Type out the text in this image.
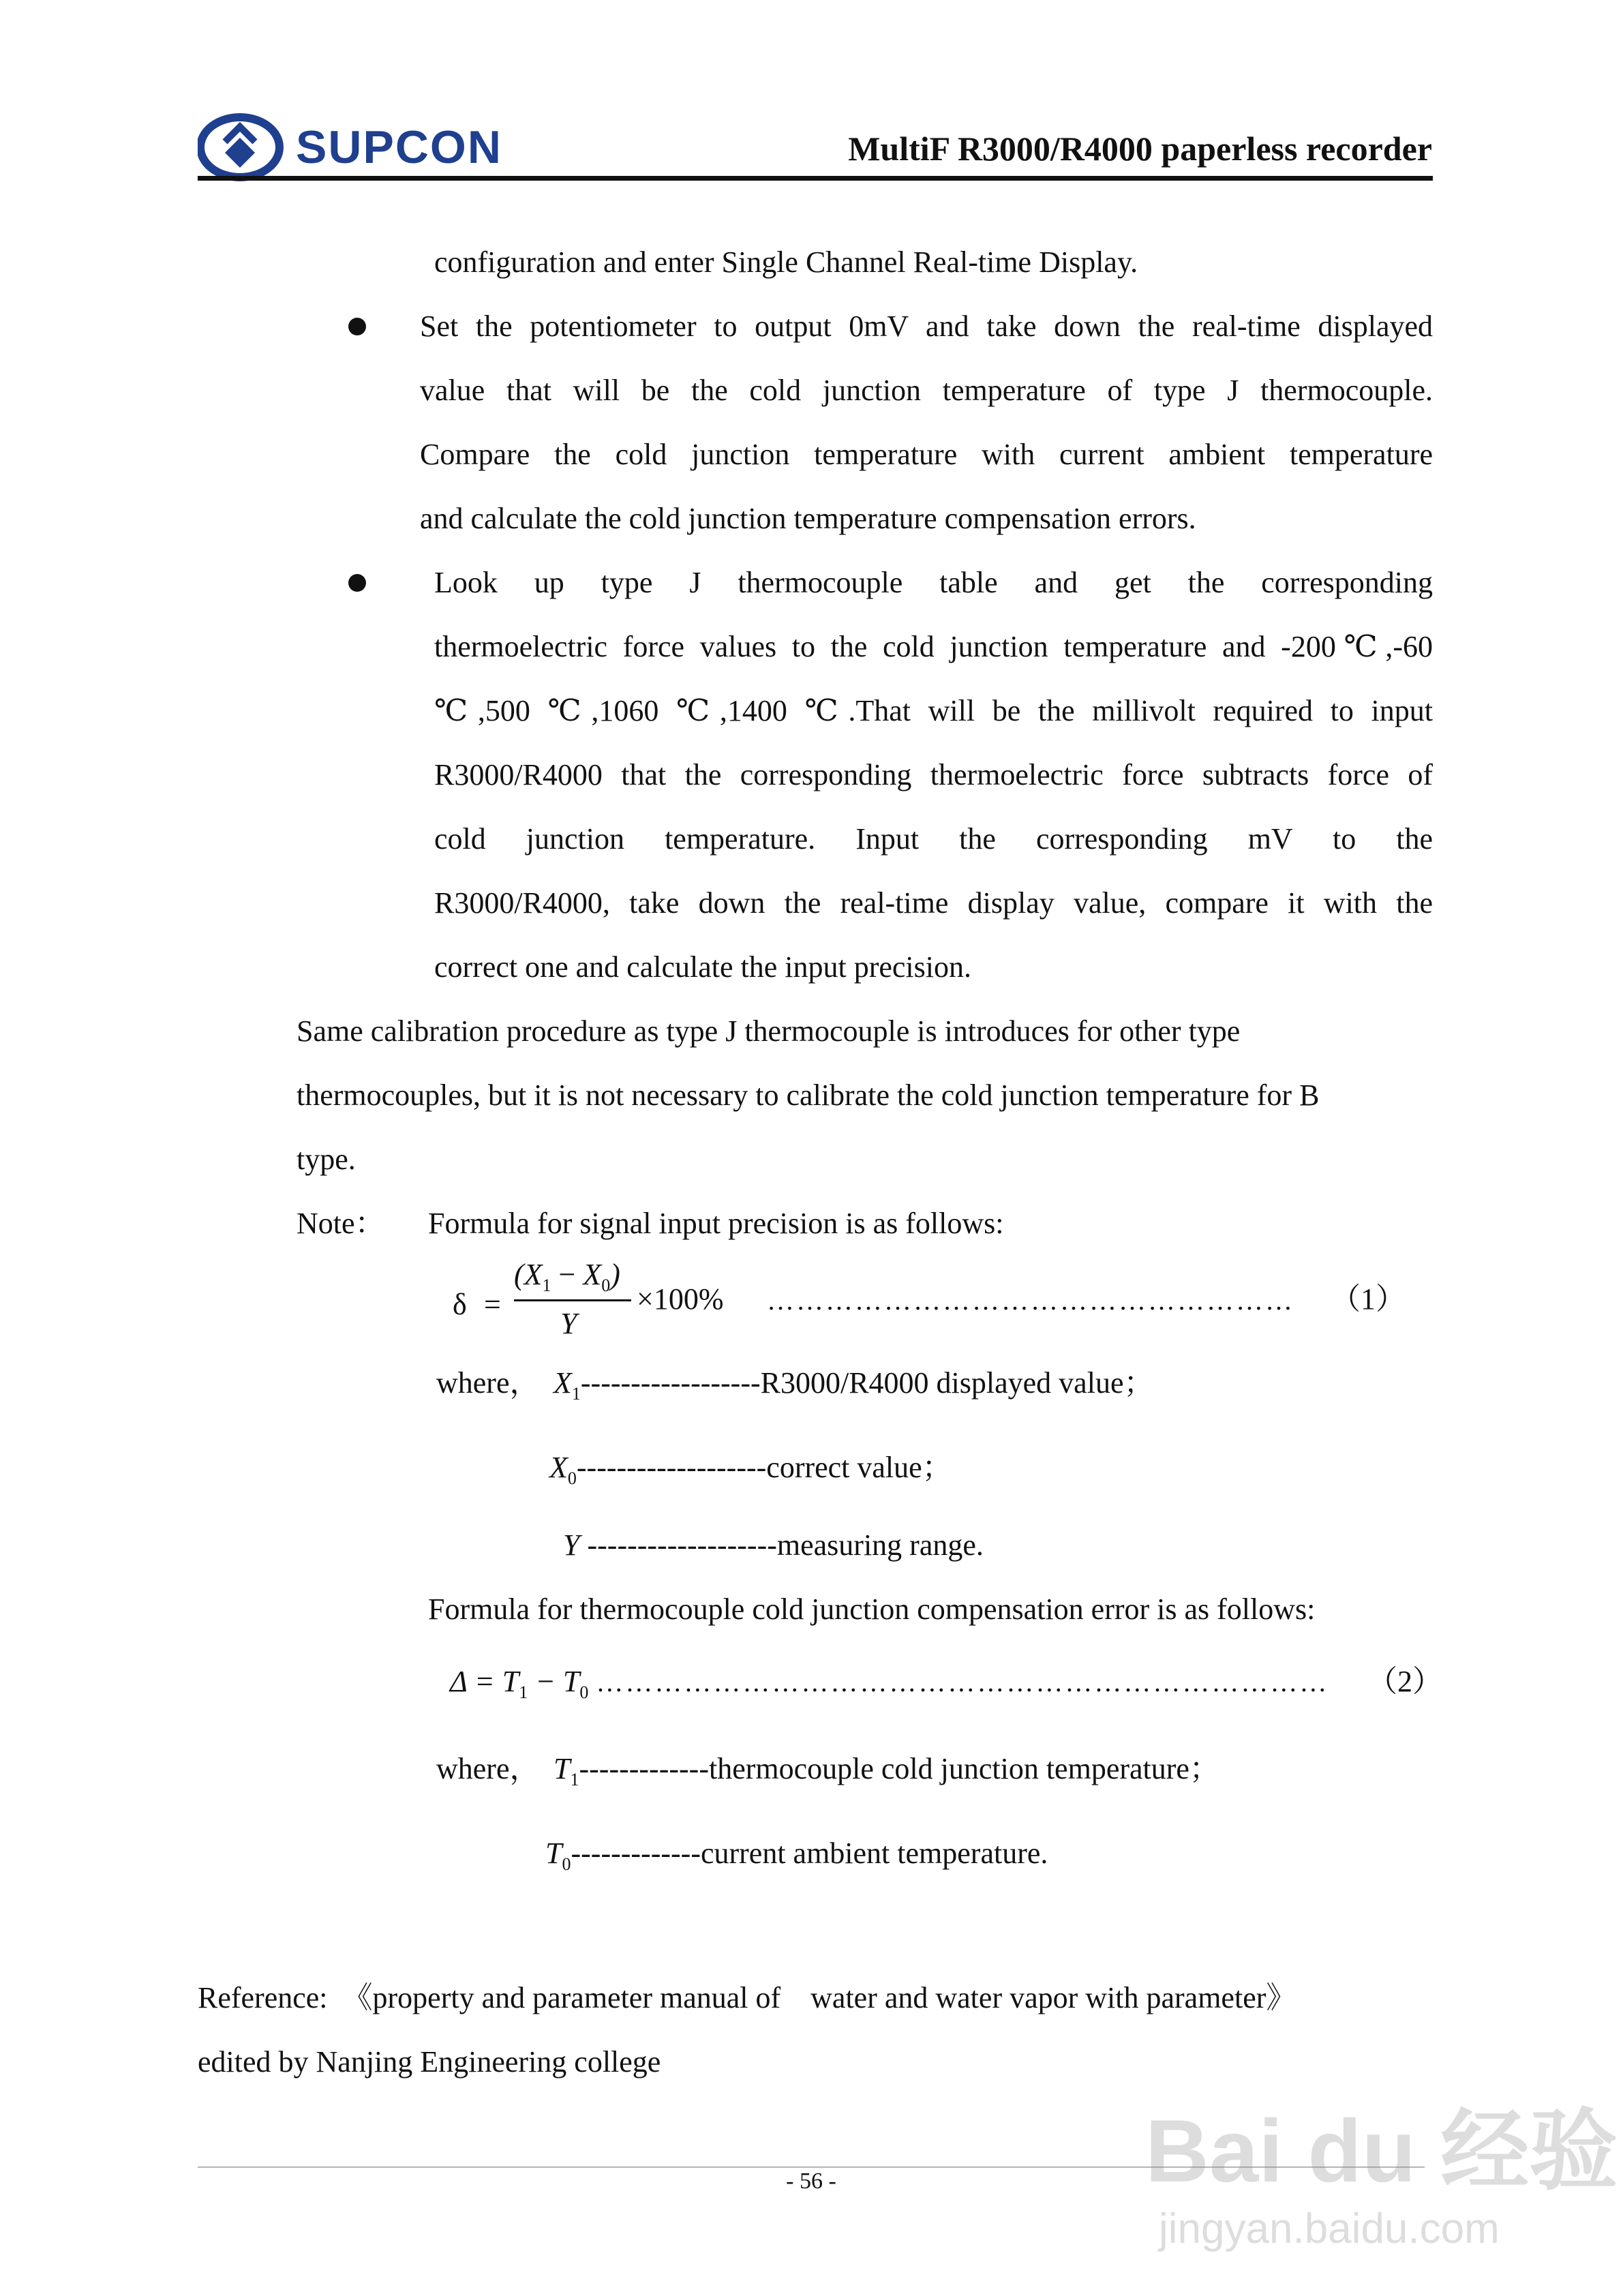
SUPCON	MultiF R3000/R4000 paperless recorder
configuration and enter Single Channel Real-time Display.
Set the potentiometer to output 0mV and take down the real-time displayed
value that will be the cold junction temperature of type J thermocouple.
Compare the cold junction temperature with current ambient temperature
and calculate the cold junction temperature compensation errors.
Look up type J thermocouple table and get the corresponding
thermoelectric force values to the cold junction temperature and -200℃,-60
℃,500 ℃,1060 ℃,1400 ℃.That will be the millivolt required to input
R3000/R4000 that the corresponding thermoelectric force subtracts force of
cold junction temperature. Input the corresponding mV to the
R3000/R4000, take down the real-time display value, compare it with the
correct one and calculate the input precision.
Same calibration procedure as type J thermocouple is introduces for other type
thermocouples, but it is not necessary to calibrate the cold junction temperature for B
type.
Note： Formula for signal input precision is as follows:
δ =
$(X_1 - X_0)$
Y
×100% ……………………………………………… （1）
where， $X_1------------------R3000/R4000$ displayed value；
$X_0------------------$-correct value；
Y -------------------measuring range.
Formula for thermocouple cold junction compensation error is as follows:
$\Delta = T_1 - T_0$ ………………………………………………………………… （2）
where， $T_1------------$-thermocouple cold junction temperature；
$T_0------------$-current ambient temperature.
Reference:  《property and parameter manual of    water and water vapor with parameter》
edited by Nanjing Engineering college
- 56 -	Bai du 经验
jingyan.baidu.com
